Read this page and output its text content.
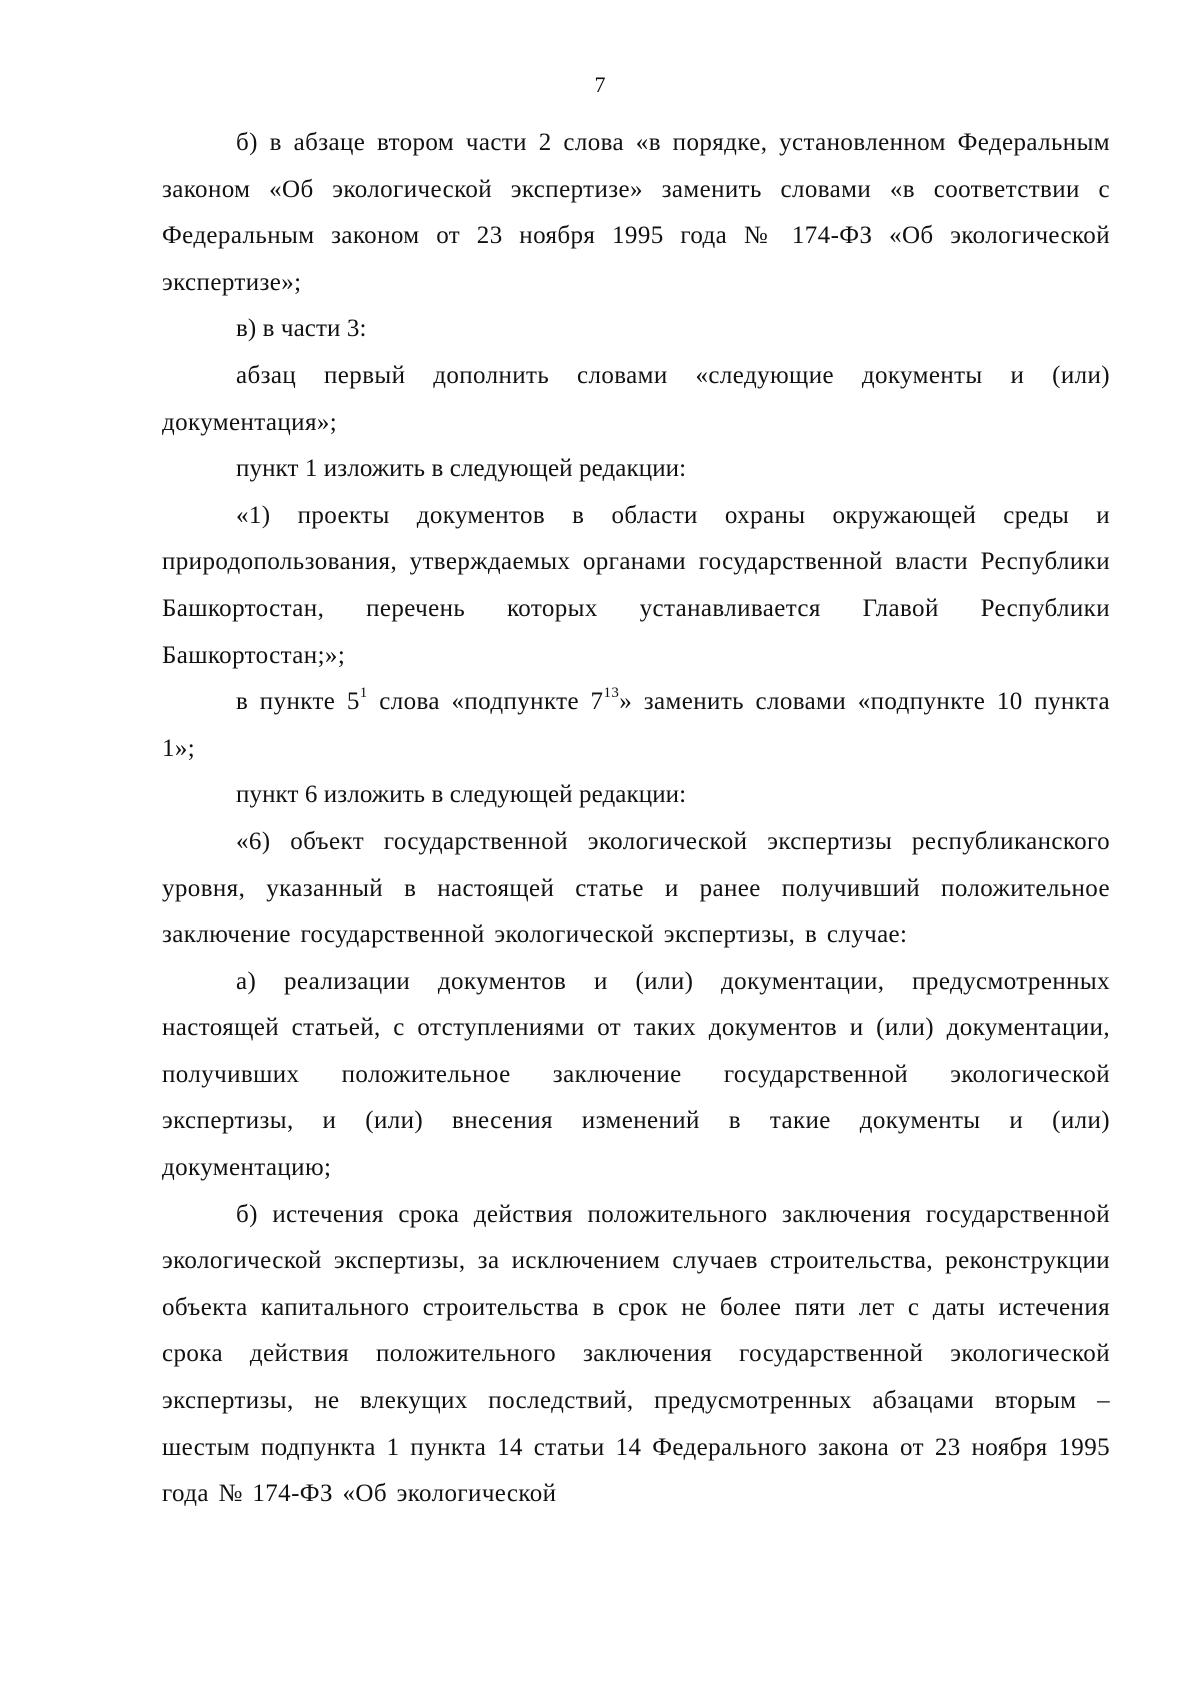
7

б) в абзаце втором части 2 слова «в порядке, установленном Федеральным законом «Об экологической экспертизе» заменить словами «в соответствии с Федеральным законом от 23 ноября 1995 года № 174-ФЗ «Об экологической экспертизе»;

в) в части 3:

абзац первый дополнить словами «следующие документы и (или) документация»;

пункт 1 изложить в следующей редакции:

«1) проекты документов в области охраны окружающей среды и природопользования, утверждаемых органами государственной власти Республики Башкортостан, перечень которых устанавливается Главой Республики Башкортостан;»;

в пункте $5^1$ слова «подпункте $7^{13}$» заменить словами «подпункте 10 пункта 1»;

пункт 6 изложить в следующей редакции:

«6) объект государственной экологической экспертизы республиканского уровня, указанный в настоящей статье и ранее получивший положительное заключение государственной экологической экспертизы, в случае:

а) реализации документов и (или) документации, предусмотренных настоящей статьей, с отступлениями от таких документов и (или) документации, получивших положительное заключение государственной экологической экспертизы, и (или) внесения изменений в такие документы и (или) документацию;

б) истечения срока действия положительного заключения государственной экологической экспертизы, за исключением случаев строительства, реконструкции объекта капитального строительства в срок не более пяти лет с даты истечения срока действия положительного заключения государственной экологической экспертизы, не влекущих последствий, предусмотренных абзацами вторым – шестым подпункта 1 пункта 14 статьи 14 Федерального закона от 23 ноября 1995 года № 174-ФЗ «Об экологической
